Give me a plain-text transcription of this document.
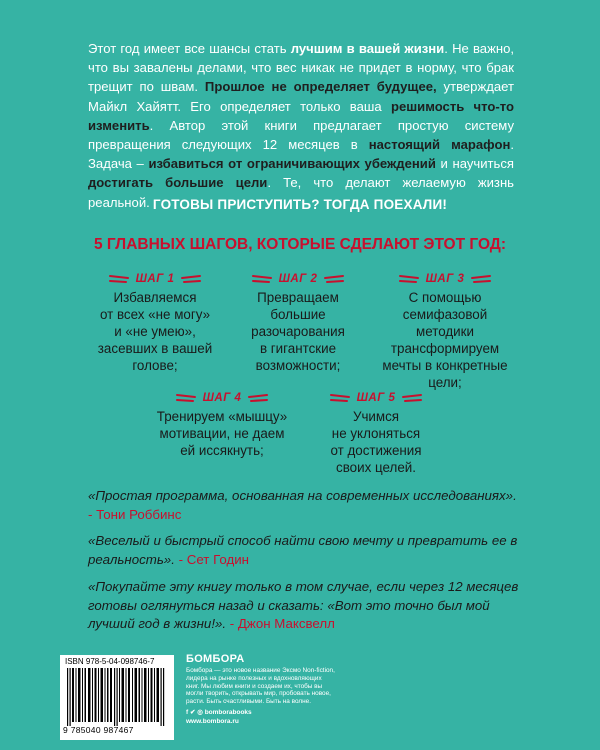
Этот год имеет все шансы стать лучшим в вашей жизни. Не важно, что вы завалены делами, что вес никак не придет в норму, что брак трещит по швам. Прошлое не определяет будущее, утверждает Майкл Хайятт. Его определяет только ваша решимость что-то изменить. Автор этой книги предлагает простую систему превращения следующих 12 месяцев в настоящий марафон. Задача – избавиться от ограничивающих убеждений и научиться достигать большие цели. Те, что делают желаемую жизнь реальной. ГОТОВЫ ПРИСТУПИТЬ? ТОГДА ПОЕХАЛИ!
5 ГЛАВНЫХ ШАГОВ, КОТОРЫЕ СДЕЛАЮТ ЭТОТ ГОД:
ШАГ 1
Избавляемся
от всех «не могу»
и «не умею»,
засевших в вашей
голове;
ШАГ 2
Превращаем
большие
разочарования
в гигантские
возможности;
ШАГ 3
С помощью
семифазовой
методики
трансформируем
мечты в конкретные
цели;
ШАГ 4
Тренируем «мышцу»
мотивации, не даем
ей иссякнуть;
ШАГ 5
Учимся
не уклоняться
от достижения
своих целей.
«Простая программа, основанная на современных исследованиях».
- Тони Роббинс
«Веселый и быстрый способ найти свою мечту и превратить ее в реальность». - Сет Годин
«Покупайте эту книгу только в том случае, если через 12 месяцев готовы оглянуться назад и сказать: «Вот это точно был мой лучший год в жизни!». - Джон Максвелл
ISBN 978-5-04-098746-7
9 785040 987467
БОМБОРА
Бомбора — это новое название Эксмо Non-fiction, лидера на рынке полезных и вдохновляющих книг. Мы любим книги и создаем их, чтобы вы могли творить, открывать мир, пробовать новое, расти. Быть счастливыми. Быть на волне.
f ✔ ◎ bomborabooks
www.bombora.ru
